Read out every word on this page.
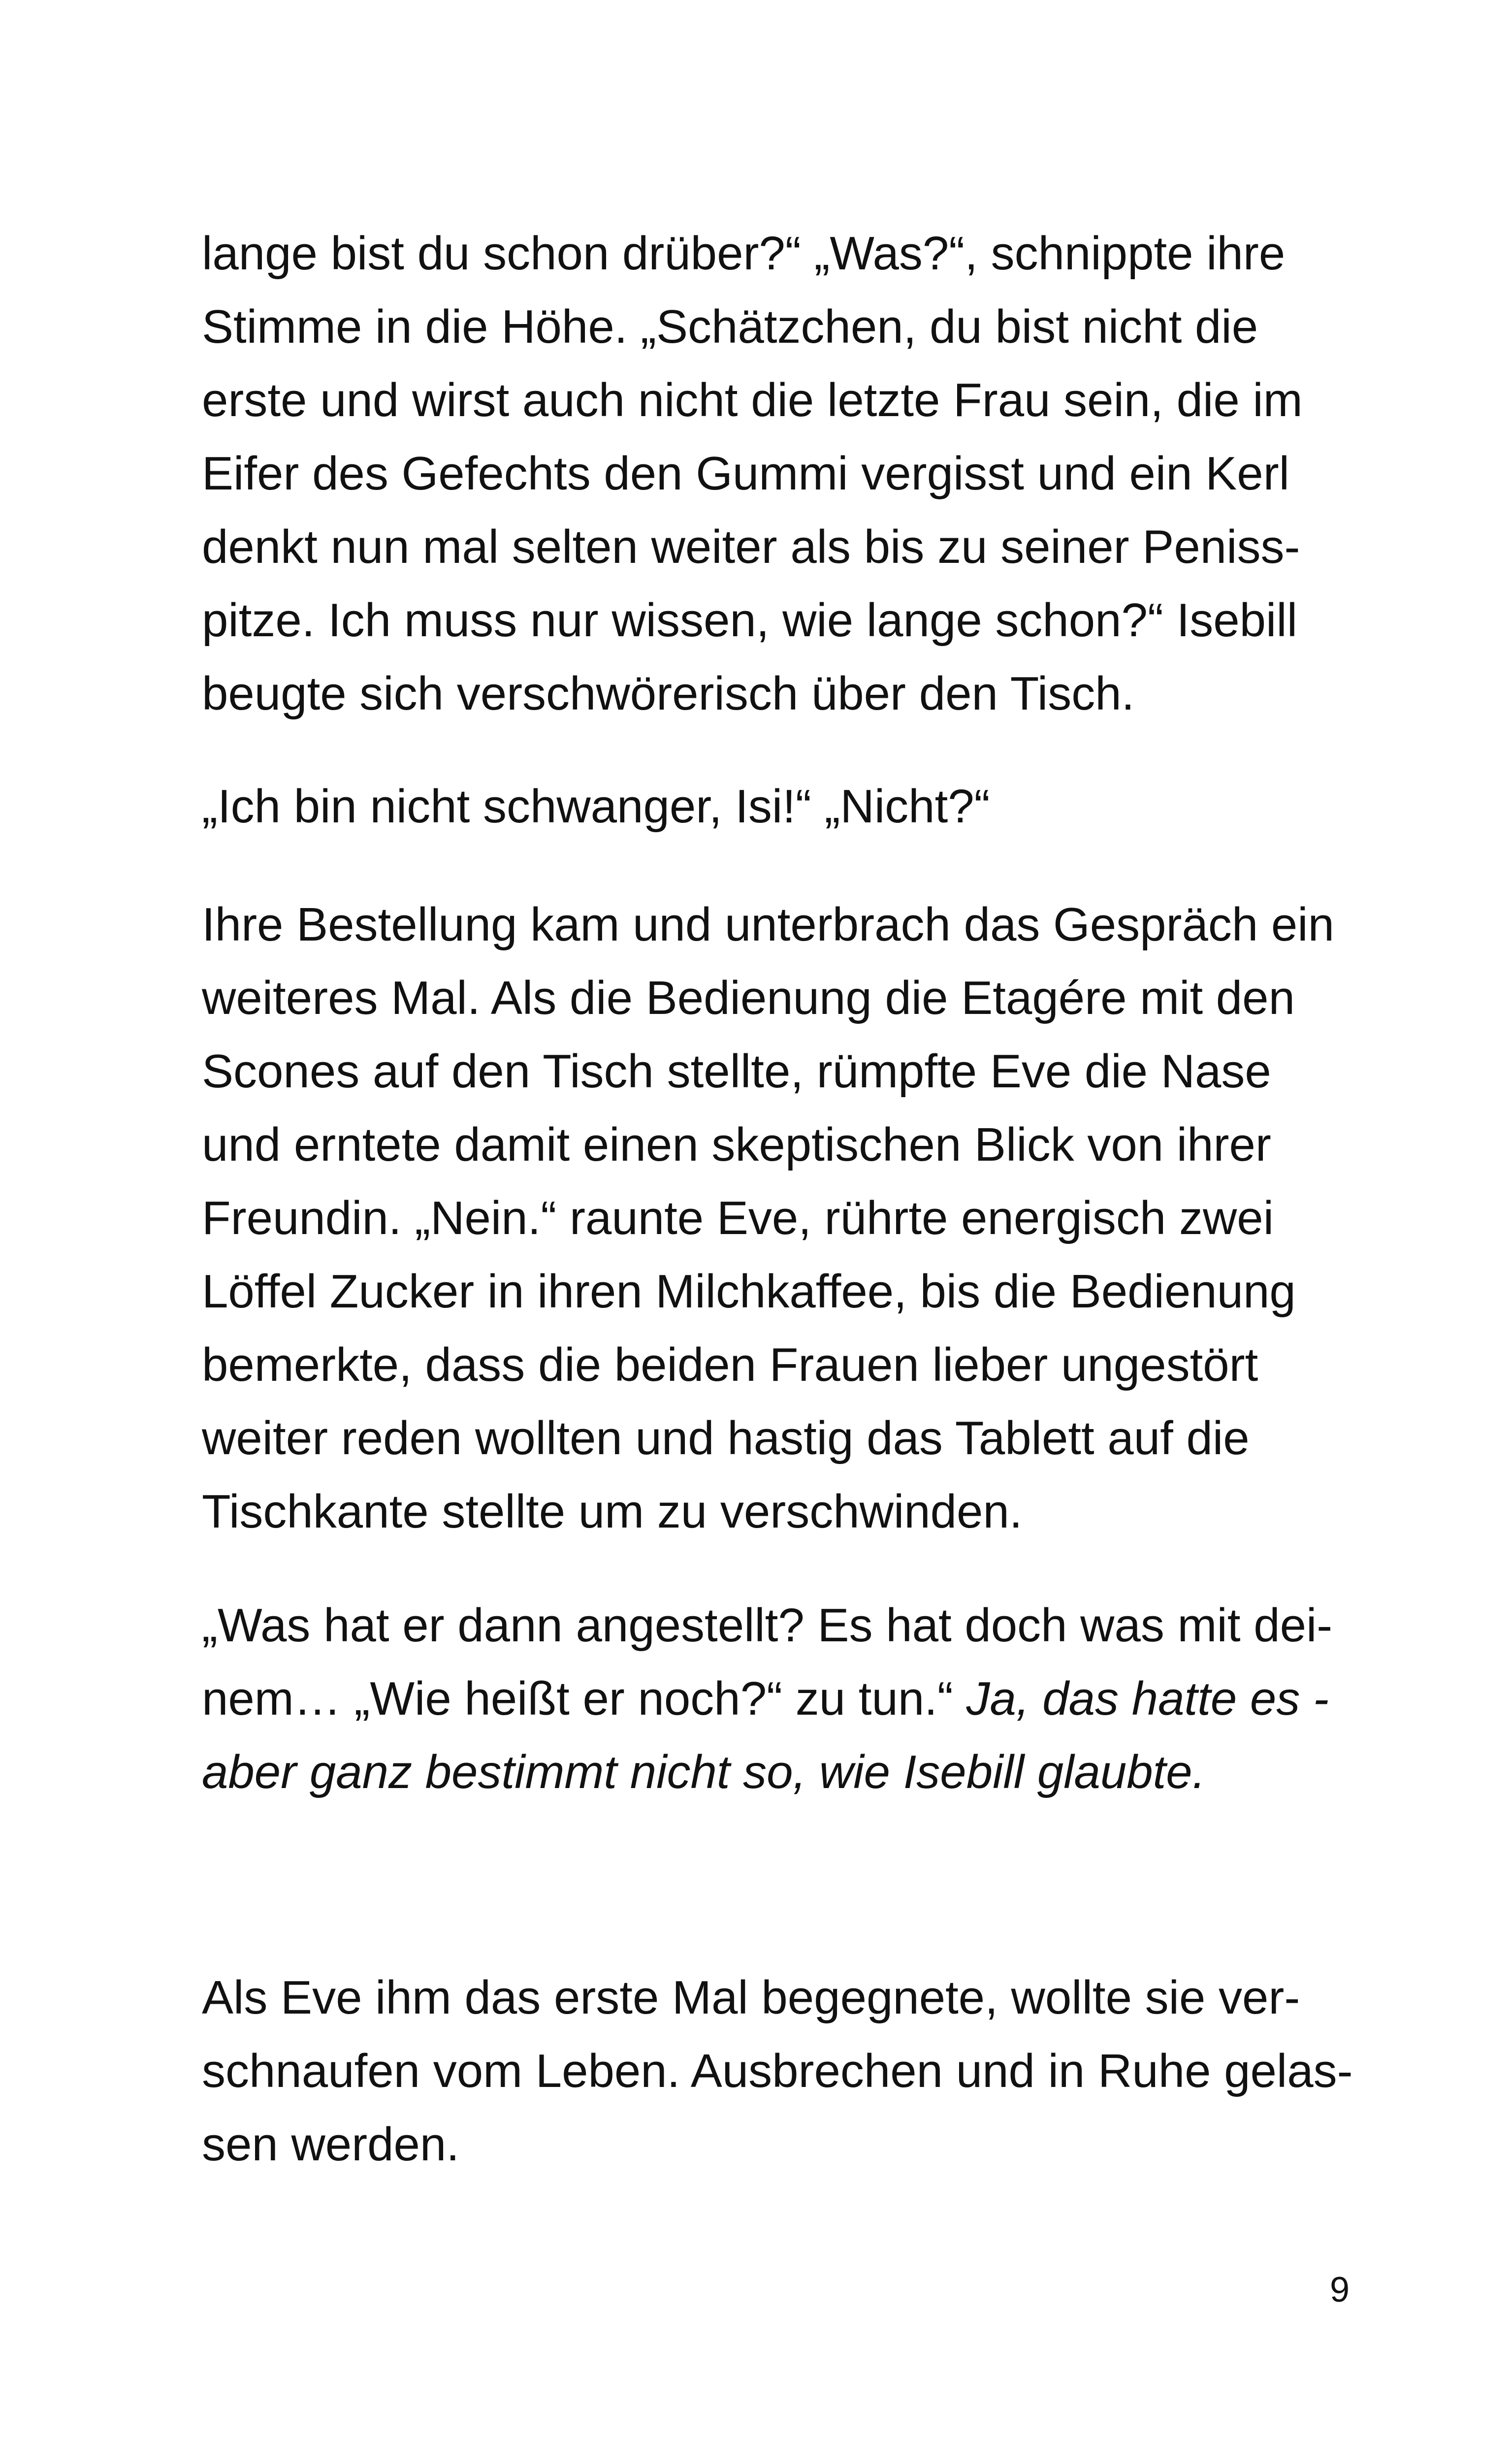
lange bist du schon drüber?“ „Was?“, schnippte ihre
Stimme in die Höhe. „Schätzchen, du bist nicht die
erste und wirst auch nicht die letzte Frau sein, die im
Eifer des Gefechts den Gummi vergisst und ein Kerl
denkt nun mal selten weiter als bis zu seiner Peniss-
pitze. Ich muss nur wissen, wie lange schon?“ Isebill
beugte sich verschwörerisch über den Tisch.
„Ich bin nicht schwanger, Isi!“ „Nicht?“
Ihre Bestellung kam und unterbrach das Gespräch ein
weiteres Mal. Als die Bedienung die Etagére mit den
Scones auf den Tisch stellte, rümpfte Eve die Nase
und erntete damit einen skeptischen Blick von ihrer
Freundin. „Nein.“ raunte Eve, rührte energisch zwei
Löffel Zucker in ihren Milchkaffee, bis die Bedienung
bemerkte, dass die beiden Frauen lieber ungestört
weiter reden wollten und hastig das Tablett auf die
Tischkante stellte um zu verschwinden.
„Was hat er dann angestellt? Es hat doch was mit dei-
nem… „Wie heißt er noch?“ zu tun.“ Ja, das hatte es -
aber ganz bestimmt nicht so, wie Isebill glaubte.
Als Eve ihm das erste Mal begegnete, wollte sie ver-
schnaufen vom Leben. Ausbrechen und in Ruhe gelas-
sen werden.
9
